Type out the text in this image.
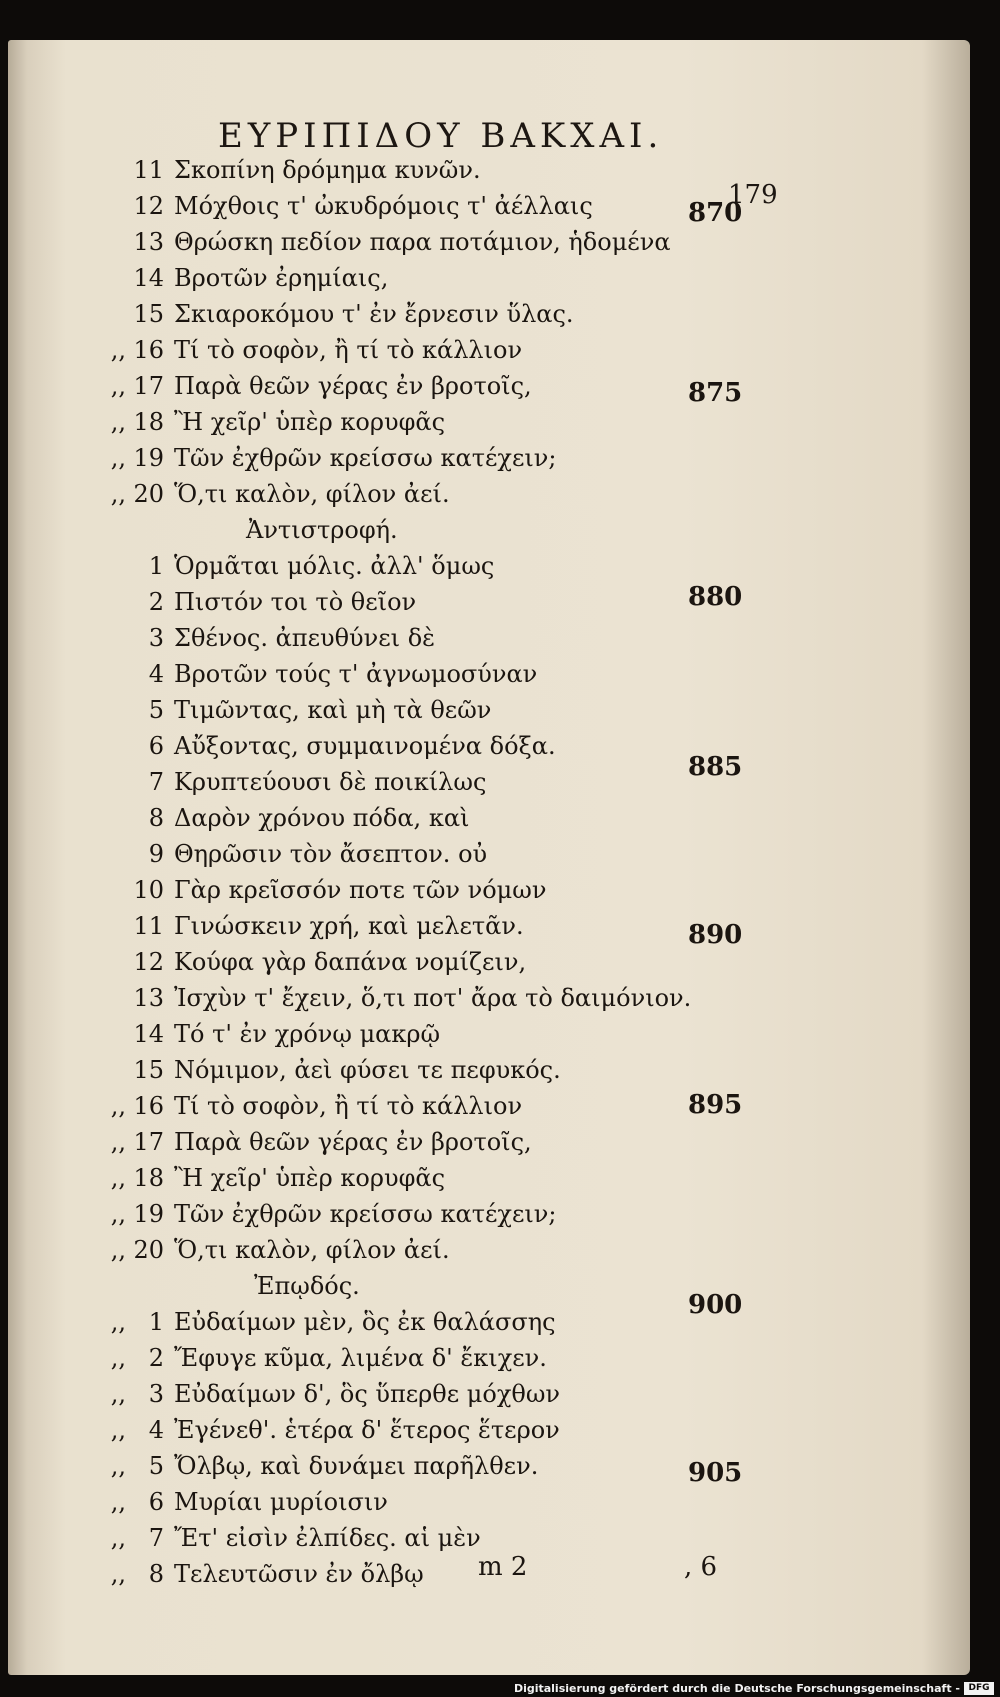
ΕΥΡΙΠΙΔΟΥ ΒΑΚΧΑΙ.
179
11 Σκοπίνη δρόμημα κυνῶν.
12 Μόχθοις τ' ὠκυδρόμοις τ' ἀέλλαις
13 Θρώσκη πεδίον παρα ποτάμιον, ἡδομένα
14 Βροτῶν ἐρημίαις,
15 Σκιαροκόμου τ' ἐν ἔρνεσιν ὕλας.
,, 16 Τί τὸ σοφὸν, ἢ τί τὸ κάλλιον
,, 17 Παρὰ θεῶν γέρας ἐν βροτοῖς,
,, 18 Ἢ χεῖρ' ὑπὲρ κορυφᾶς
,, 19 Τῶν ἐχθρῶν κρείσσω κατέχειν;
,, 20 Ὅ,τι καλὸν, φίλον ἀεί.
Ἀντιστροφή.
1 Ὁρμᾶται μόλις. ἀλλ' ὅμως
2 Πιστόν τοι τὸ θεῖον
3 Σθένος. ἀπευθύνει δὲ
4 Βροτῶν τούς τ' ἀγνωμοσύναν
5 Τιμῶντας, καὶ μὴ τὰ θεῶν
6 Αὔξοντας, συμμαινομένα δόξα.
7 Κρυπτεύουσι δὲ ποικίλως
8 Δαρὸν χρόνου πόδα, καὶ
9 Θηρῶσιν τὸν ἄσεπτον. οὐ
10 Γὰρ κρεῖσσόν ποτε τῶν νόμων
11 Γινώσκειν χρή, καὶ μελετᾶν.
12 Κούφα γὰρ δαπάνα νομίζειν,
13 Ἰσχὺν τ' ἔχειν, ὅ,τι ποτ' ἄρα τὸ δαιμόνιον.
14 Τό τ' ἐν χρόνῳ μακρῷ
15 Νόμιμον, ἀεὶ φύσει τε πεφυκός.
,, 16 Τί τὸ σοφὸν, ἢ τί τὸ κάλλιον
,, 17 Παρὰ θεῶν γέρας ἐν βροτοῖς,
,, 18 Ἢ χεῖρ' ὑπὲρ κορυφᾶς
,, 19 Τῶν ἐχθρῶν κρείσσω κατέχειν;
,, 20 Ὅ,τι καλὸν, φίλον ἀεί.
Ἐπῳδός.
,, 1 Εὐδαίμων μὲν, ὃς ἐκ θαλάσσης
,, 2 Ἔφυγε κῦμα, λιμένα δ' ἔκιχεν.
,, 3 Εὐδαίμων δ', ὃς ὕπερθε μόχθων
,, 4 Ἐγένεθ'. ἑτέρα δ' ἕτερος ἕτερον
,, 5 Ὄλβῳ, καὶ δυνάμει παρῆλθεν.
,, 6 Μυρίαι μυρίοισιν
,, 7 Ἔτ' εἰσὶν ἐλπίδες. αἱ μὲν
,, 8 Τελευτῶσιν ἐν ὄλβῳ
870
875
880
885
890
895
900
905
m 2	, 6
Digitalisierung gefördert durch die Deutsche Forschungsgemeinschaft - DFG
